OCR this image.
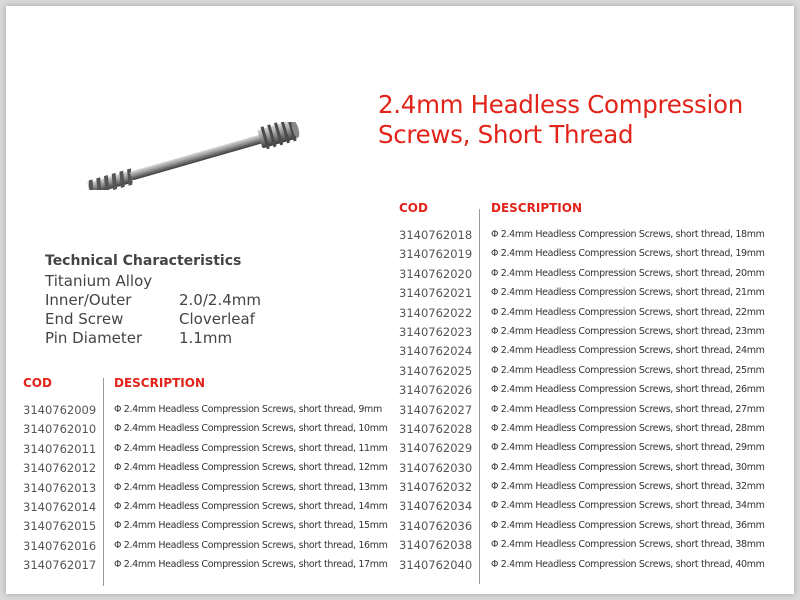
2.4mm Headless Compression
Screws, Short Thread
Technical Characteristics
Titanium Alloy
Inner/Outer	2.0/2.4mm
End Screw	Cloverleaf
Pin Diameter 1.1mm
COD	DESCRIPTION
3140762009 Φ 2.4mm Headless Compression Screws, short thread, 9mm
3140762010 Φ 2.4mm Headless Compression Screws, short thread, 10mm
3140762011 Φ 2.4mm Headless Compression Screws, short thread, 11mm
3140762012 Φ 2.4mm Headless Compression Screws, short thread, 12mm
3140762013 Φ 2.4mm Headless Compression Screws, short thread, 13mm
3140762014 Φ 2.4mm Headless Compression Screws, short thread, 14mm
3140762015 Φ 2.4mm Headless Compression Screws, short thread, 15mm
3140762016 Φ 2.4mm Headless Compression Screws, short thread, 16mm
3140762017 Φ 2.4mm Headless Compression Screws, short thread, 17mm
COD	DESCRIPTION
3140762018 Φ 2.4mm Headless Compression Screws, short thread, 18mm
3140762019 Φ 2.4mm Headless Compression Screws, short thread, 19mm
3140762020 Φ 2.4mm Headless Compression Screws, short thread, 20mm
3140762021 Φ 2.4mm Headless Compression Screws, short thread, 21mm
3140762022 Φ 2.4mm Headless Compression Screws, short thread, 22mm
3140762023 Φ 2.4mm Headless Compression Screws, short thread, 23mm
3140762024 Φ 2.4mm Headless Compression Screws, short thread, 24mm
3140762025 Φ 2.4mm Headless Compression Screws, short thread, 25mm
3140762026 Φ 2.4mm Headless Compression Screws, short thread, 26mm
3140762027 Φ 2.4mm Headless Compression Screws, short thread, 27mm
3140762028 Φ 2.4mm Headless Compression Screws, short thread, 28mm
3140762029 Φ 2.4mm Headless Compression Screws, short thread, 29mm
3140762030 Φ 2.4mm Headless Compression Screws, short thread, 30mm
3140762032 Φ 2.4mm Headless Compression Screws, short thread, 32mm
3140762034 Φ 2.4mm Headless Compression Screws, short thread, 34mm
3140762036 Φ 2.4mm Headless Compression Screws, short thread, 36mm
3140762038 Φ 2.4mm Headless Compression Screws, short thread, 38mm
3140762040 Φ 2.4mm Headless Compression Screws, short thread, 40mm
